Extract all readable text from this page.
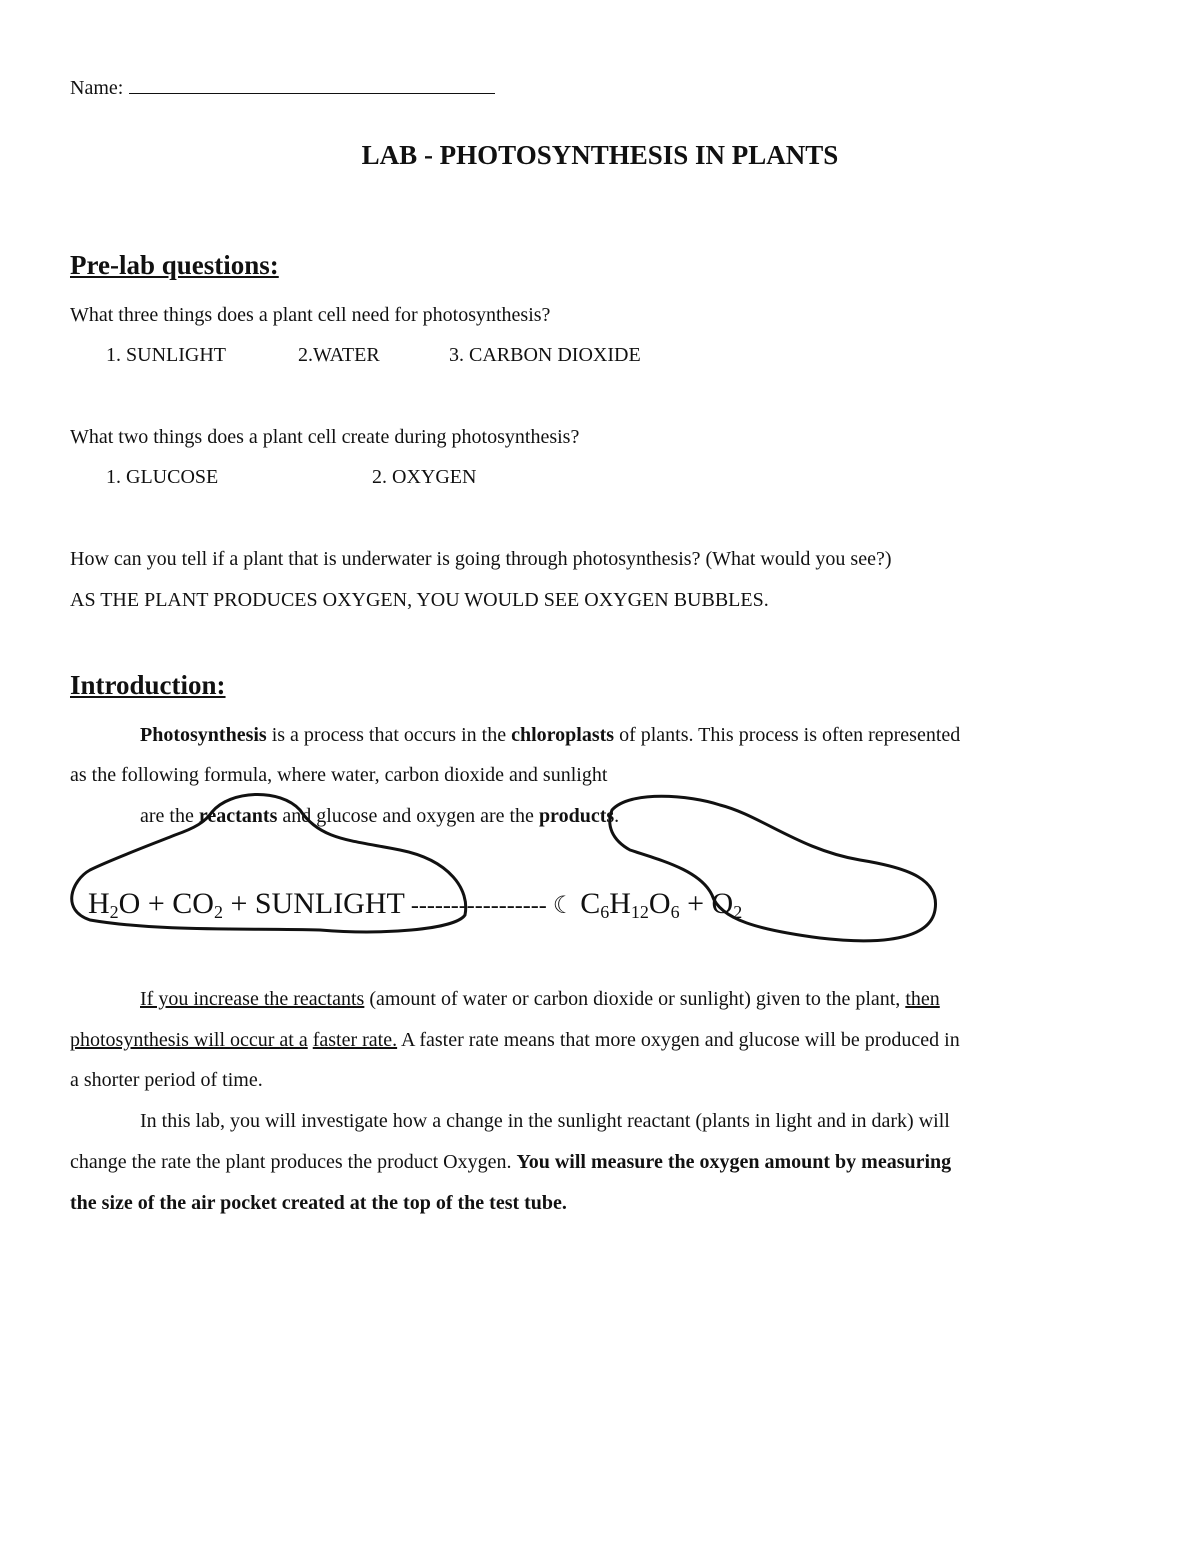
Name:
LAB - PHOTOSYNTHESIS IN PLANTS
Pre-lab questions:
What three things does a plant cell need for photosynthesis?
1. SUNLIGHT	2.WATER	3. CARBON DIOXIDE
What two things does a plant cell create during photosynthesis?
1. GLUCOSE	2. OXYGEN
How can you tell if a plant that is underwater is going through photosynthesis? (What would you see?)
AS THE PLANT PRODUCES OXYGEN, YOU WOULD SEE OXYGEN BUBBLES.
Introduction:
Photosynthesis is a process that occurs in the chloroplasts of plants. This process is often represented
as the following formula, where water, carbon dioxide and sunlight
are the reactants and glucose and oxygen are the products.
$H_2O + CO_2$ + SUNLIGHT ----------------- ☾ $C_6H_{12}O_6 + O_2$
If you increase the reactants (amount of water or carbon dioxide or sunlight) given to the plant, then
photosynthesis will occur at a faster rate. A faster rate means that more oxygen and glucose will be produced in
a shorter period of time.
In this lab, you will investigate how a change in the sunlight reactant (plants in light and in dark) will
change the rate the plant produces the product Oxygen. You will measure the oxygen amount by measuring
the size of the air pocket created at the top of the test tube.
